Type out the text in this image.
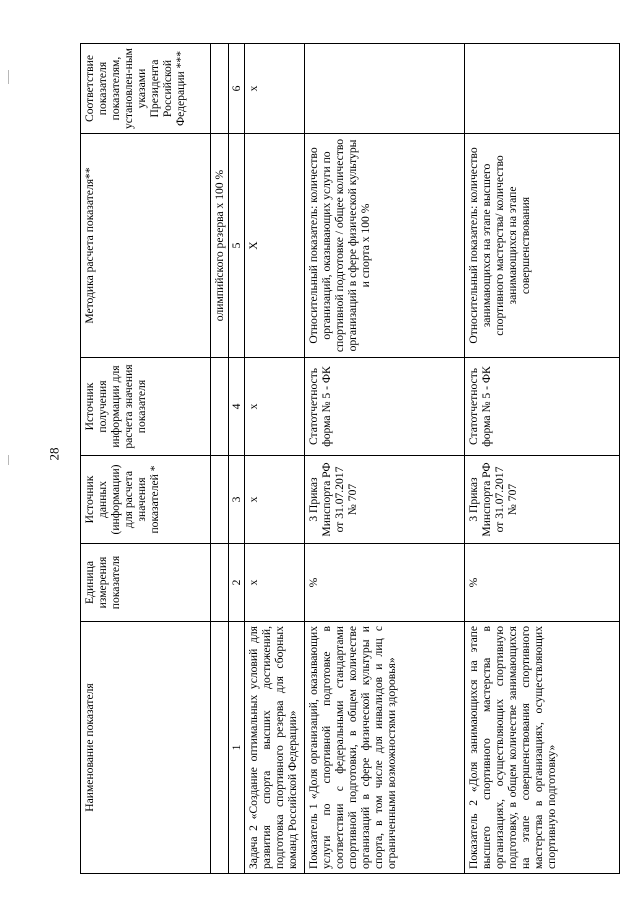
28
Наименование показателя	Единица измерения показателя	Источник данных (информации) для расчета значения показателей *	Источник получения информации для расчета значения показателя	Методика расчета показателя**	Соответствие показателя показателям, установлен-ным указами Президента Российской Федерации ***
				олимпийского резерва х 100 %	
1	2	3	4	5	6
Задача 2 «Создание оптимальных условий для развития спорта высших достижений, подготовка спортивного резерва для сборных команд Российской Федерации»	х	х	х	Х	х
Показатель 1 «Доля организаций, оказывающих услуги по спортивной подготовке в соответствии с федеральными стандартами спортивной подготовки, в общем количестве организаций в сфере физической культуры и спорта, в том числе для инвалидов и лиц с ограниченными возможностями здоровья»	%	3 Приказ Минспорта РФ от 31.07.2017 № 707	Статотчетность форма № 5 - ФК	Относительный показатель: количество организаций, оказывающих услуги по спортивной подготовке / общее количество организаций в сфере физической культуры и спорта х 100 %	
Показатель 2 «Доля занимающихся на этапе высшего спортивного мастерства в организациях, осуществляющих спортивную подготовку, в общем количестве занимающихся на этапе совершенствования спортивного мастерства в организациях, осуществляющих спортивную подготовку»	%	3 Приказ Минспорта РФ от 31.07.2017 № 707	Статотчетность форма № 5 - ФК	Относительный показатель: количество занимающихся на этапе высшего спортивного мастерства/ количество занимающихся на этапе совершенствования	
